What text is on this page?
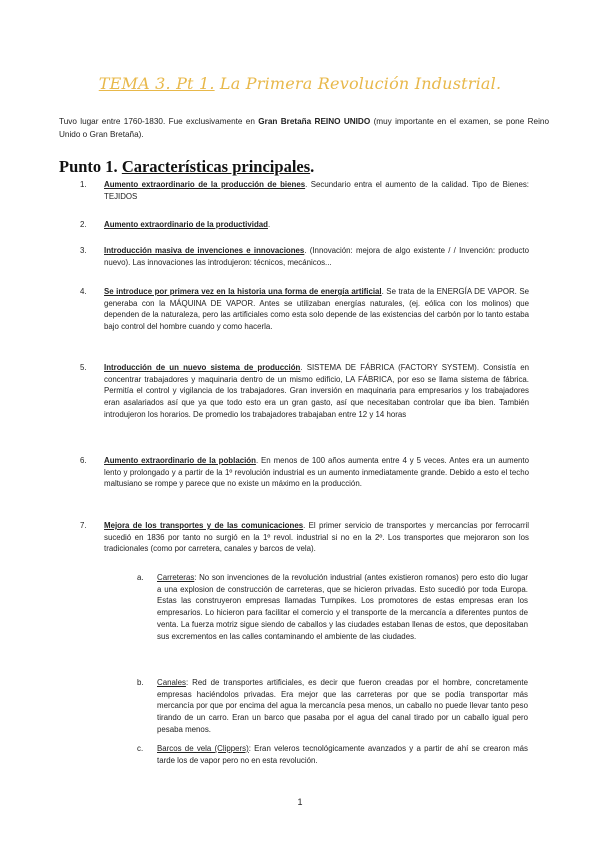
TEMA 3. Pt 1. La Primera Revolución Industrial.

Tuvo lugar entre 1760-1830. Fue exclusivamente en Gran Bretaña REINO UNIDO (muy importante en el examen, se pone Reino Unido o Gran Bretaña).

Punto 1. Características principales.
1. Aumento extraordinario de la producción de bienes. Secundario entra el aumento de la calidad. Tipo de Bienes: TEJIDOS
2. Aumento extraordinario de la productividad.
3. Introducción masiva de invenciones e innovaciones. (Innovación: mejora de algo existente / / Invención: producto nuevo). Las innovaciones las introdujeron: técnicos, mecánicos...
4. Se introduce por primera vez en la historia una forma de energía artificial. Se trata de la ENERGÍA DE VAPOR. Se generaba con la MÁQUINA DE VAPOR. Antes se utilizaban energías naturales, (ej. eólica con los molinos) que dependen de la naturaleza, pero las artificiales como esta solo depende de las existencias del carbón por lo tanto estaba bajo control del hombre cuando y como hacerla.
5. Introducción de un nuevo sistema de producción. SISTEMA DE FÁBRICA (FACTORY SYSTEM). Consistía en concentrar trabajadores y maquinaria dentro de un mismo edificio, LA FÁBRICA, por eso se llama sistema de fábrica. Permitía el control y vigilancia de los trabajadores. Gran inversión en maquinaria para empresarios y los trabajadores eran asalariados así que ya que todo esto era un gran gasto, así que necesitaban controlar que iba bien. También introdujeron los horarios. De promedio los trabajadores trabajaban entre 12 y 14 horas
6. Aumento extraordinario de la población. En menos de 100 años aumenta entre 4 y 5 veces. Antes era un aumento lento y prolongado y a partir de la 1º revolución industrial es un aumento inmediatamente grande. Debido a esto el techo maltusiano se rompe y parece que no existe un máximo en la producción.
7. Mejora de los transportes y de las comunicaciones. El primer servicio de transportes y mercancías por ferrocarril sucedió en 1836 por tanto no surgió en la 1º revol. industrial si no en la 2º. Los transportes que mejoraron son los tradicionales (como por carretera, canales y barcos de vela).
a. Carreteras: No son invenciones de la revolución industrial (antes existieron romanos) pero esto dio lugar a una explosion de construcción de carreteras, que se hicieron privadas. Esto sucedió por toda Europa. Estas las construyeron empresas llamadas Turnpikes. Los promotores de estas empresas eran los empresarios. Lo hicieron para facilitar el comercio y el transporte de la mercancía a diferentes puntos de venta. La fuerza motriz sigue siendo de caballos y las ciudades estaban llenas de estos, que depositaban sus excrementos en las calles contaminando el ambiente de las ciudades.
b. Canales: Red de transportes artificiales, es decir que fueron creadas por el hombre, concretamente empresas haciéndolos privadas. Era mejor que las carreteras por que se podía transportar más mercancía por que por encima del agua la mercancía pesa menos, un caballo no puede llevar tanto peso tirando de un carro. Eran un barco que pasaba por el agua del canal tirado por un caballo igual pero pesaba menos.
c. Barcos de vela (Clippers): Eran veleros tecnológicamente avanzados y a partir de ahí se crearon más tarde los de vapor pero no en esta revolución.
1
